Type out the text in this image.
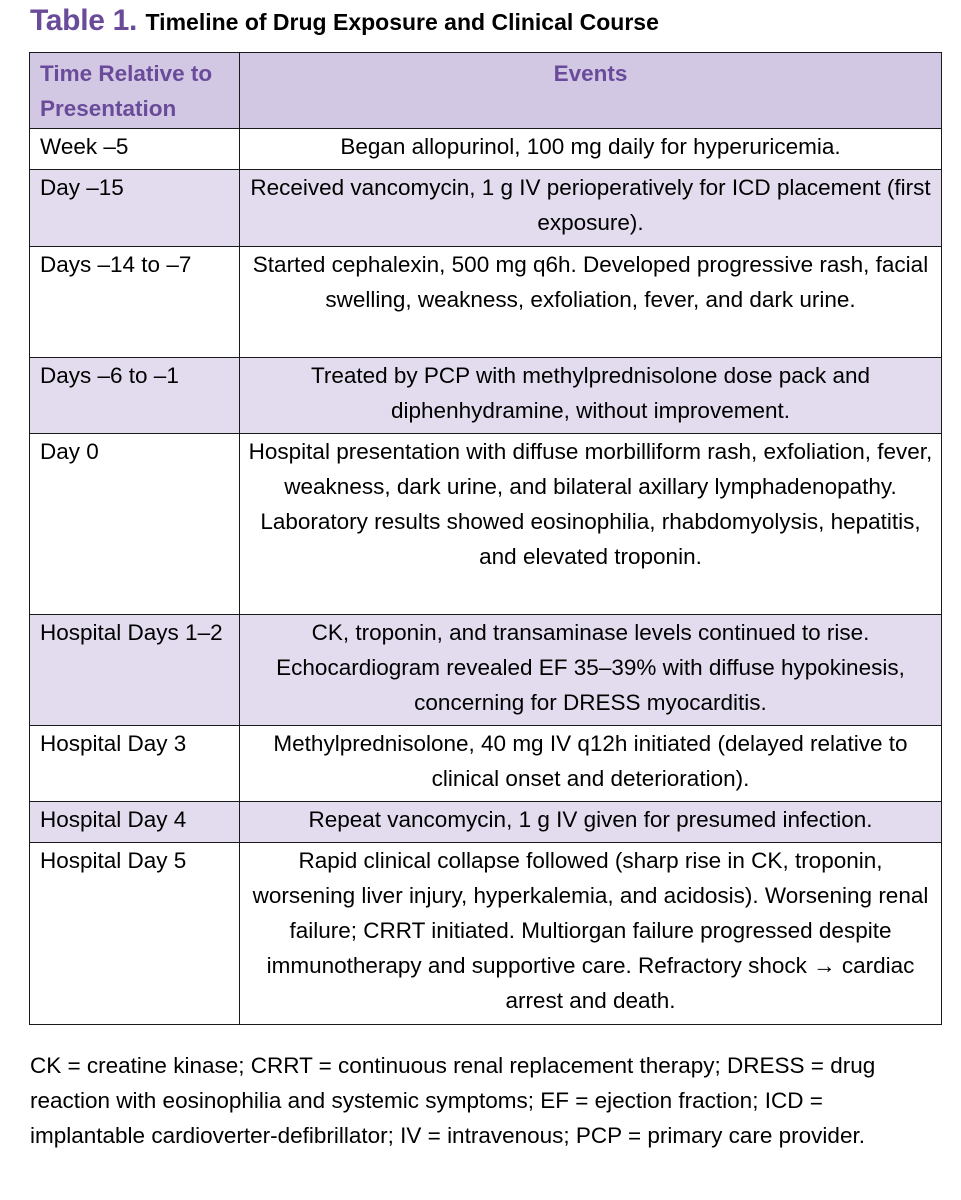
Table 1. Timeline of Drug Exposure and Clinical Course
Time Relative to Presentation	Events
Week –5	Began allopurinol, 100 mg daily for hyperuricemia.
Day –15	Received vancomycin, 1 g IV perioperatively for ICD placement (first exposure).
Days –14 to –7	Started cephalexin, 500 mg q6h. Developed progressive rash, facial swelling, weakness, exfoliation, fever, and dark urine.
Days –6 to –1	Treated by PCP with methylprednisolone dose pack and diphenhydramine, without improvement.
Day 0	Hospital presentation with diffuse morbilliform rash, exfoliation, fever, weakness, dark urine, and bilateral axillary lymphadenopathy. Laboratory results showed eosinophilia, rhabdomyolysis, hepatitis, and elevated troponin.
Hospital Days 1–2	CK, troponin, and transaminase levels continued to rise. Echocardiogram revealed EF 35–39% with diffuse hypokinesis, concerning for DRESS myocarditis.
Hospital Day 3	Methylprednisolone, 40 mg IV q12h initiated (delayed relative to clinical onset and deterioration).
Hospital Day 4	Repeat vancomycin, 1 g IV given for presumed infection.
Hospital Day 5	Rapid clinical collapse followed (sharp rise in CK, troponin, worsening liver injury, hyperkalemia, and acidosis). Worsening renal failure; CRRT initiated. Multiorgan failure progressed despite immunotherapy and supportive care. Refractory shock → cardiac arrest and death.
CK = creatine kinase; CRRT = continuous renal replacement therapy; DRESS = drug reaction with eosinophilia and systemic symptoms; EF = ejection fraction; ICD = implantable cardioverter-defibrillator; IV = intravenous; PCP = primary care provider.
